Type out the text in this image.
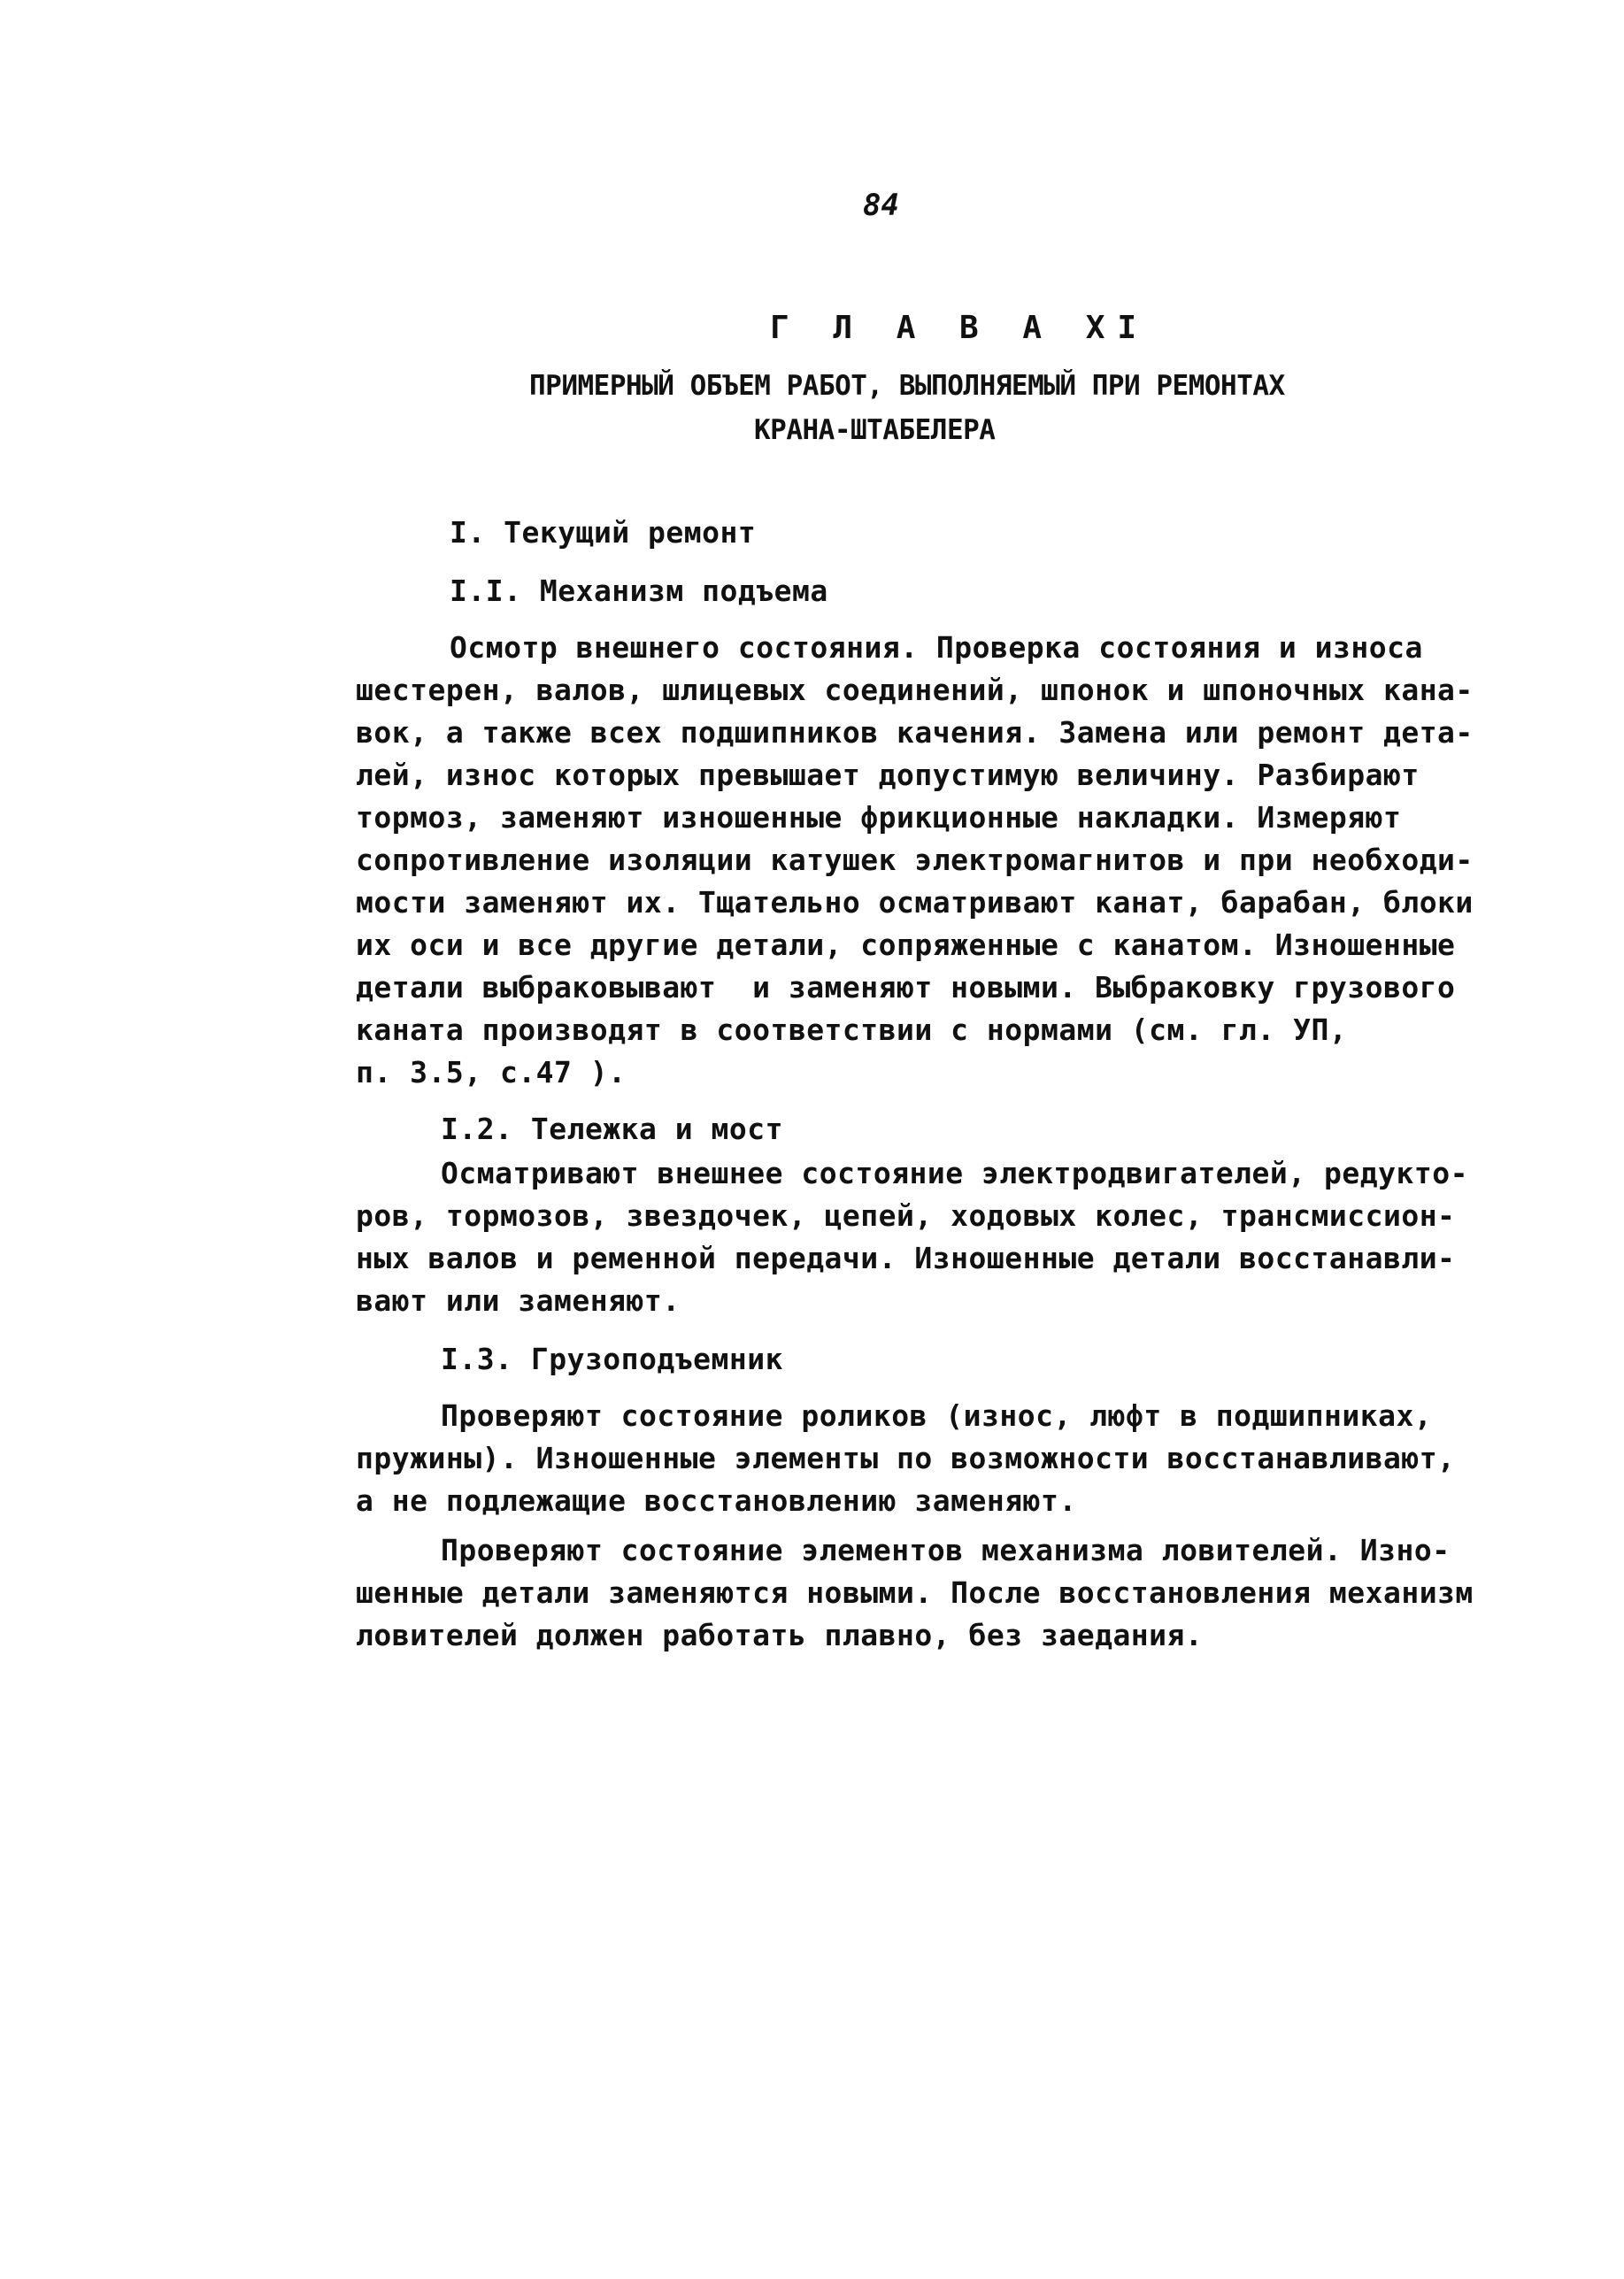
84
Г Л А В А XI
ПРИМЕРНЫЙ ОБЪЕМ РАБОТ, ВЫПОЛНЯЕМЫЙ ПРИ РЕМОНТАХ
КРАНА-ШТАБЕЛЕРА
I. Текущий ремонт
I.I. Механизм подъема
Осмотр внешнего состояния. Проверка состояния и износа
шестерен, валов, шлицевых соединений, шпонок и шпоночных кана-
вок, а также всех подшипников качения. Замена или ремонт дета-
лей, износ которых превышает допустимую величину. Разбирают
тормоз, заменяют изношенные фрикционные накладки. Измеряют
сопротивление изоляции катушек электромагнитов и при необходи-
мости заменяют их. Тщательно осматривают канат, барабан, блоки
их оси и все другие детали, сопряженные с канатом. Изношенные
детали выбраковывают  и заменяют новыми. Выбраковку грузового
каната производят в соответствии с нормами (см. гл. УП,
п. 3.5, с.47 ).
I.2. Тележка и мост
Осматривают внешнее состояние электродвигателей, редукто-
ров, тормозов, звездочек, цепей, ходовых колес, трансмиссион-
ных валов и ременной передачи. Изношенные детали восстанавли-
вают или заменяют.
I.3. Грузоподъемник
Проверяют состояние роликов (износ, люфт в подшипниках,
пружины). Изношенные элементы по возможности восстанавливают,
а не подлежащие восстановлению заменяют.
Проверяют состояние элементов механизма ловителей. Изно-
шенные детали заменяются новыми. После восстановления механизм
ловителей должен работать плавно, без заедания.
